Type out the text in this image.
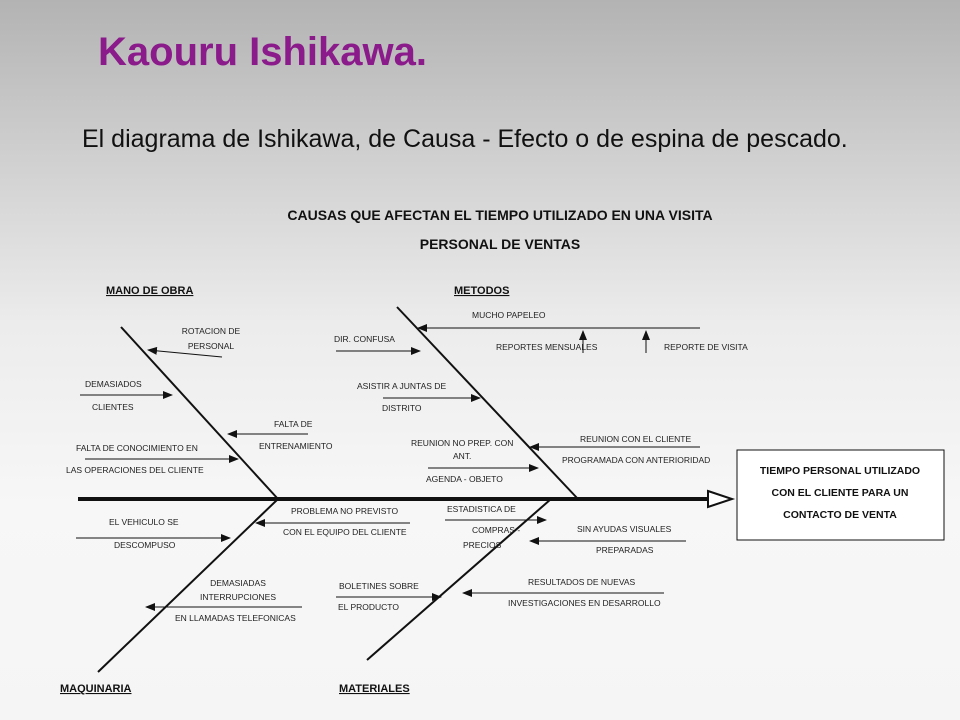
Kaouru Ishikawa.
El diagrama de Ishikawa, de Causa - Efecto o de espina de pescado.
CAUSAS QUE AFECTAN EL TIEMPO UTILIZADO EN UNA VISITA
PERSONAL DE VENTAS
TIEMPO PERSONAL UTILIZADO
CON EL CLIENTE PARA UN
CONTACTO DE VENTA
MANO DE OBRA	METODOS
MAQUINARIA	MATERIALES
ROTACION DE
PERSONAL
DEMASIADOS
CLIENTES
FALTA DE
ENTRENAMIENTO
FALTA DE CONOCIMIENTO EN
LAS OPERACIONES DEL CLIENTE
MUCHO PAPELEO
REPORTES MENSUALES	REPORTE DE VISITA
DIR. CONFUSA
ASISTIR A JUNTAS DE
DISTRITO
REUNION NO PREP. CON
ANT.
AGENDA - OBJETO
REUNION CON EL CLIENTE
PROGRAMADA CON ANTERIORIDAD
EL VEHICULO SE
DESCOMPUSO
PROBLEMA NO PREVISTO
CON EL EQUIPO DEL CLIENTE
DEMASIADAS
INTERRUPCIONES
EN LLAMADAS TELEFONICAS
ESTADISTICA DE
COMPRAS -
PRECIOS
SIN AYUDAS VISUALES
PREPARADAS
BOLETINES SOBRE
EL PRODUCTO
RESULTADOS DE NUEVAS
INVESTIGACIONES EN DESARROLLO
